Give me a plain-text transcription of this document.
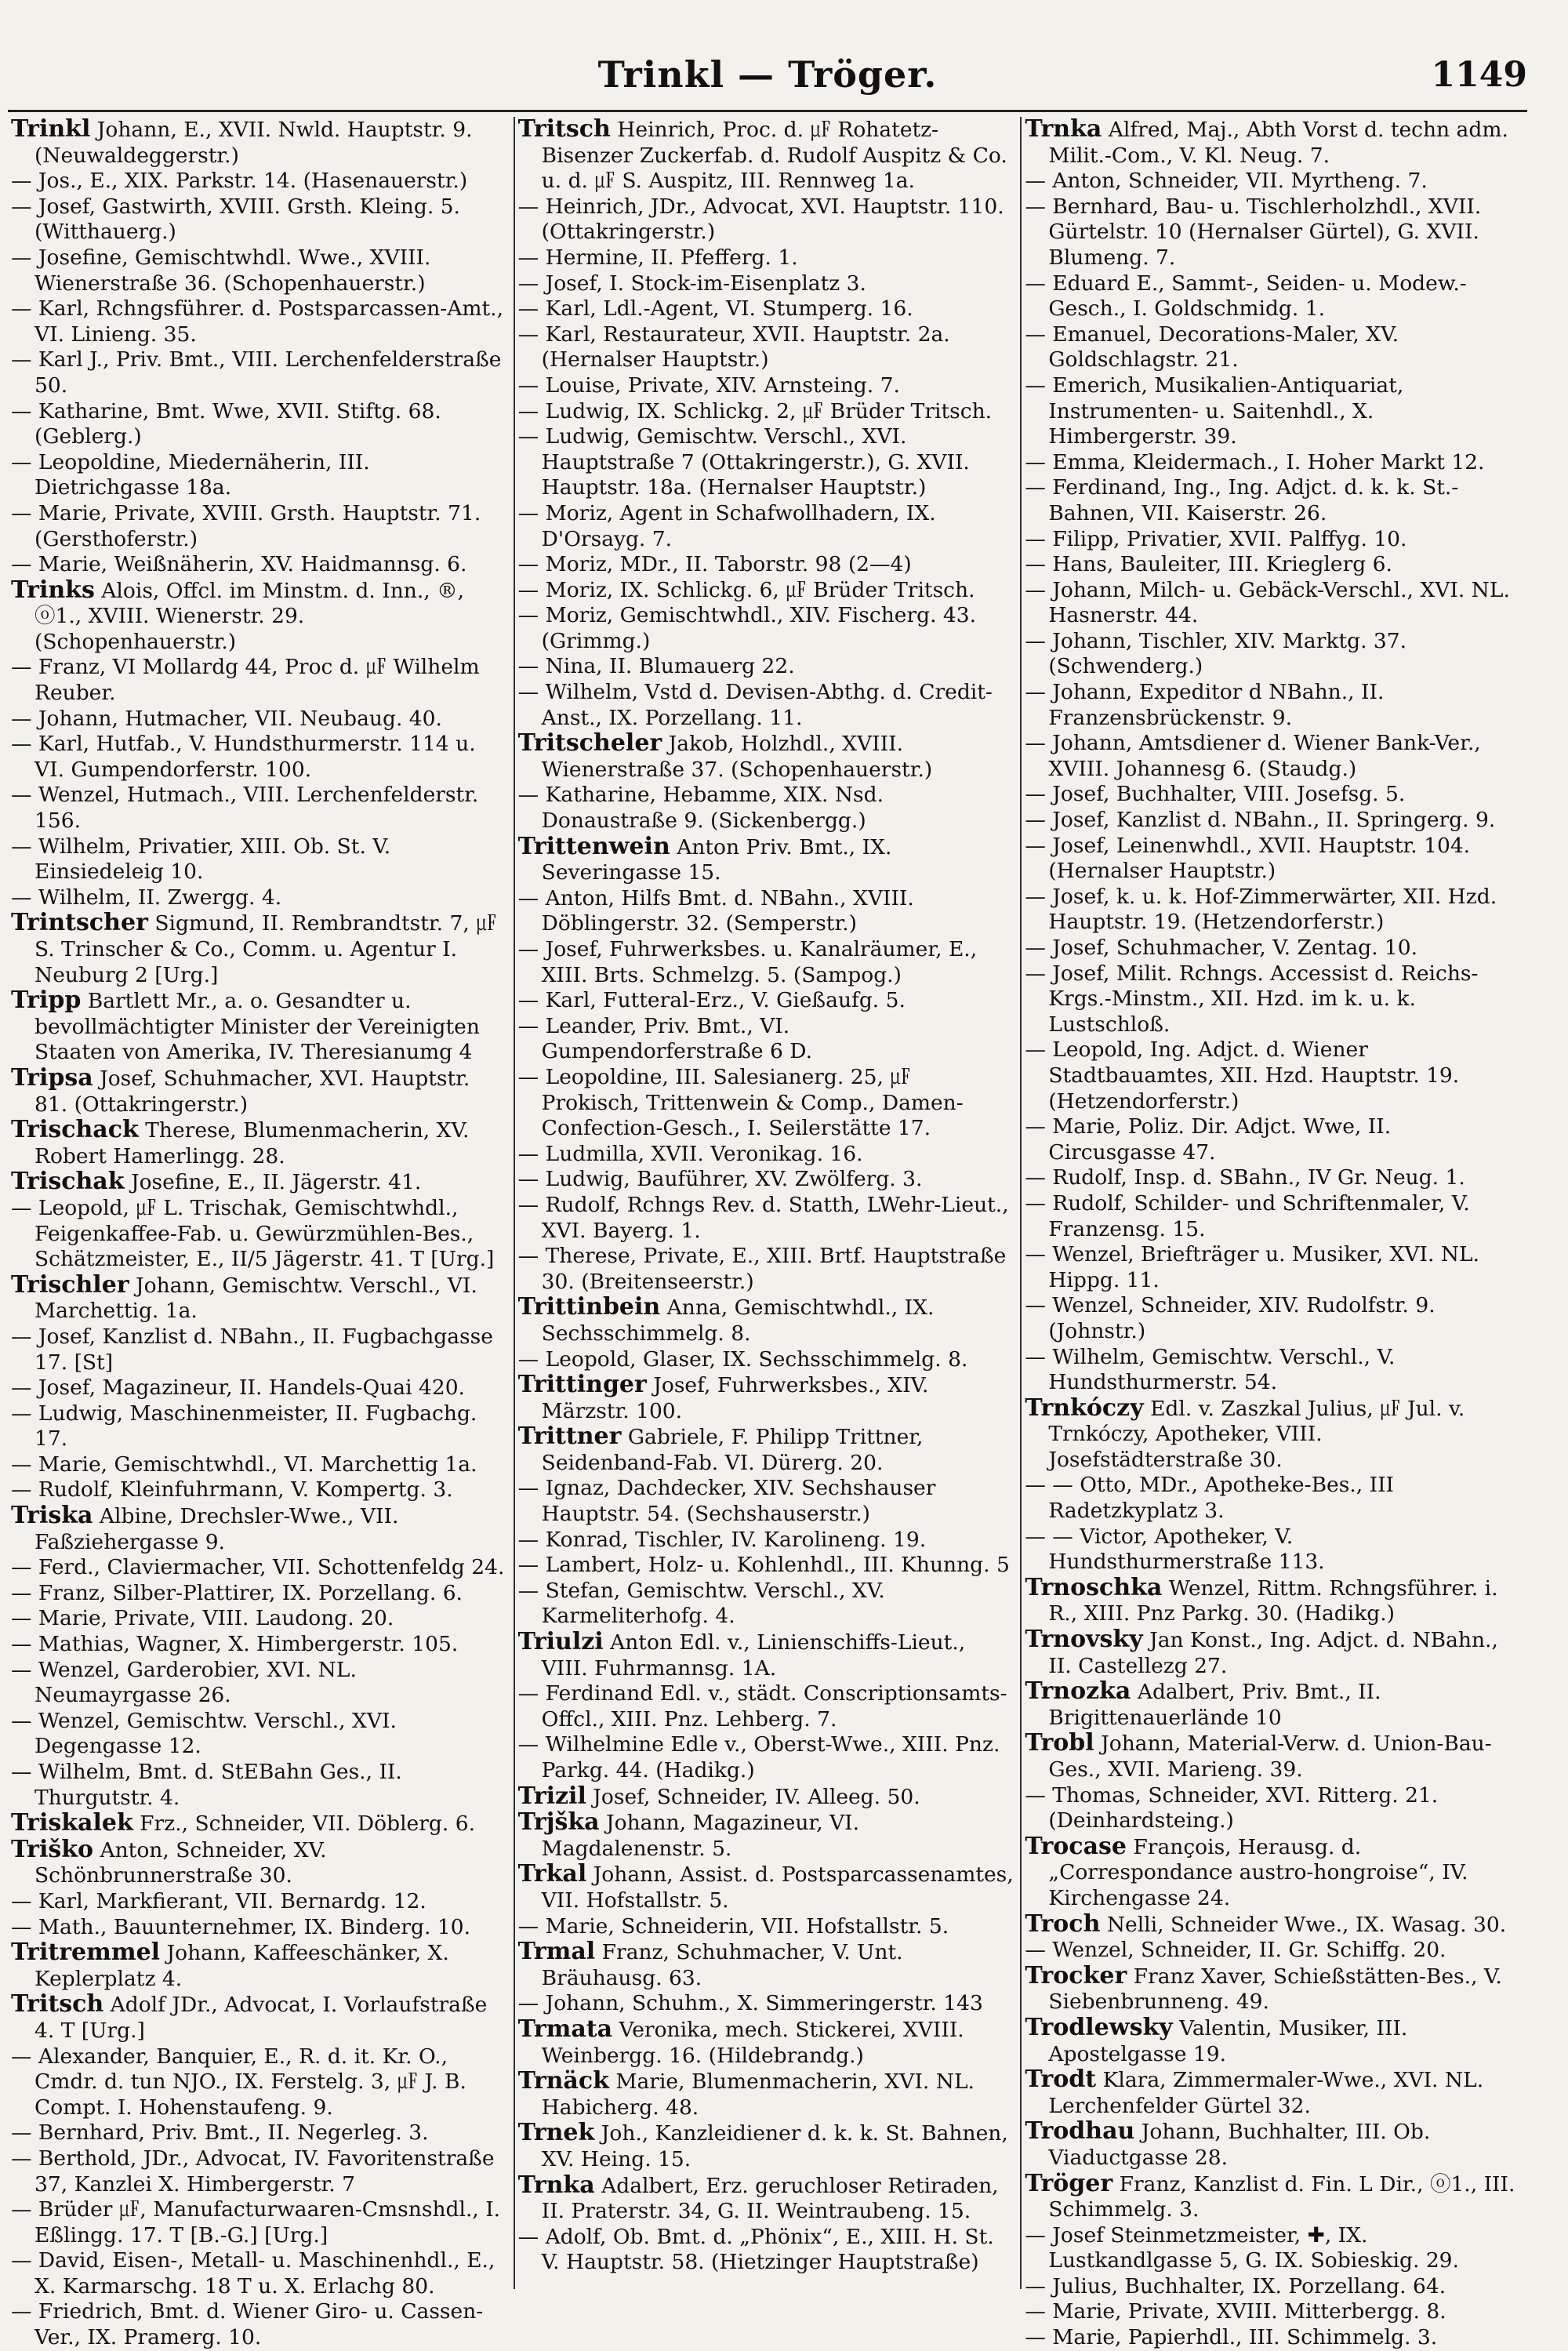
Trinkl — Tröger.	1149
Trinkl Johann, E., XVII. Nwld. Hauptstr. 9. (Neuwaldeggerstr.)
— Jos., E., XIX. Parkstr. 14. (Hasenauerstr.)
— Josef, Gastwirth, XVIII. Grsth. Kleing. 5. (Witthauerg.)
— Josefine, Gemischtwhdl. Wwe., XVIII. Wienerstraße 36. (Schopenhauerstr.)
— Karl, Rchngsführer. d. Postsparcassen-Amt., VI. Linieng. 35.
— Karl J., Priv. Bmt., VIII. Lerchenfelderstraße 50.
— Katharine, Bmt. Wwe, XVII. Stiftg. 68. (Geblerg.)
— Leopoldine, Miedernäherin, III. Dietrichgasse 18a.
— Marie, Private, XVIII. Grsth. Hauptstr. 71. (Gersthoferstr.)
— Marie, Weißnäherin, XV. Haidmannsg. 6.
Trinks Alois, Offcl. im Minstm. d. Inn., ®, ⓞ1., XVIII. Wienerstr. 29. (Schopenhauerstr.)
— Franz, VI Mollardg 44, Proc d. ㎌ Wilhelm Reuber.
— Johann, Hutmacher, VII. Neubaug. 40.
— Karl, Hutfab., V. Hundsthurmerstr. 114 u. VI. Gumpendorferstr. 100.
— Wenzel, Hutmach., VIII. Lerchenfelderstr. 156.
— Wilhelm, Privatier, XIII. Ob. St. V. Einsiedeleig 10.
— Wilhelm, II. Zwergg. 4.
Trintscher Sigmund, II. Rembrandtstr. 7, ㎌ S. Trinscher & Co., Comm. u. Agentur I. Neuburg 2 [Urg.]
Tripp Bartlett Mr., a. o. Gesandter u. bevollmächtigter Minister der Vereinigten Staaten von Amerika, IV. Theresianumg 4
Tripsa Josef, Schuhmacher, XVI. Hauptstr. 81. (Ottakringerstr.)
Trischack Therese, Blumenmacherin, XV. Robert Hamerlingg. 28.
Trischak Josefine, E., II. Jägerstr. 41.
— Leopold, ㎌ L. Trischak, Gemischtwhdl., Feigenkaffee-Fab. u. Gewürzmühlen-Bes., Schätzmeister, E., II/5 Jägerstr. 41. T [Urg.]
Trischler Johann, Gemischtw. Verschl., VI. Marchettig. 1a.
— Josef, Kanzlist d. NBahn., II. Fugbachgasse 17. [St]
— Josef, Magazineur, II. Handels-Quai 420.
— Ludwig, Maschinenmeister, II. Fugbachg. 17.
— Marie, Gemischtwhdl., VI. Marchettig 1a.
— Rudolf, Kleinfuhrmann, V. Kompertg. 3.
Triska Albine, Drechsler-Wwe., VII. Faßziehergasse 9.
— Ferd., Claviermacher, VII. Schottenfeldg 24.
— Franz, Silber-Plattirer, IX. Porzellang. 6.
— Marie, Private, VIII. Laudong. 20.
— Mathias, Wagner, X. Himbergerstr. 105.
— Wenzel, Garderobier, XVI. NL. Neumayrgasse 26.
— Wenzel, Gemischtw. Verschl., XVI. Degengasse 12.
— Wilhelm, Bmt. d. StEBahn Ges., II. Thurgutstr. 4.
Triskalek Frz., Schneider, VII. Döblerg. 6.
Triško Anton, Schneider, XV. Schönbrunnerstraße 30.
— Karl, Markfierant, VII. Bernardg. 12.
— Math., Bauunternehmer, IX. Binderg. 10.
Tritremmel Johann, Kaffeeschänker, X. Keplerplatz 4.
Tritsch Adolf JDr., Advocat, I. Vorlaufstraße 4. T [Urg.]
— Alexander, Banquier, E., R. d. it. Kr. O., Cmdr. d. tun NJO., IX. Ferstelg. 3, ㎌ J. B. Compt. I. Hohenstaufeng. 9.
— Bernhard, Priv. Bmt., II. Negerleg. 3.
— Berthold, JDr., Advocat, IV. Favoritenstraße 37, Kanzlei X. Himbergerstr. 7
— Brüder ㎌, Manufacturwaaren-Cmsnshdl., I. Eßlingg. 17. T [B.-G.] [Urg.]
— David, Eisen-, Metall- u. Maschinenhdl., E., X. Karmarschg. 18 T u. X. Erlachg 80.
— Friedrich, Bmt. d. Wiener Giro- u. Cassen-Ver., IX. Pramerg. 10.
Tritsch Heinrich, Proc. d. ㎌ Rohatetz-Bisenzer Zuckerfab. d. Rudolf Auspitz & Co. u. d. ㎌ S. Auspitz, III. Rennweg 1a.
— Heinrich, JDr., Advocat, XVI. Hauptstr. 110. (Ottakringerstr.)
— Hermine, II. Pfefferg. 1.
— Josef, I. Stock-im-Eisenplatz 3.
— Karl, Ldl.-Agent, VI. Stumperg. 16.
— Karl, Restaurateur, XVII. Hauptstr. 2a. (Hernalser Hauptstr.)
— Louise, Private, XIV. Arnsteing. 7.
— Ludwig, IX. Schlickg. 2, ㎌ Brüder Tritsch.
— Ludwig, Gemischtw. Verschl., XVI. Hauptstraße 7 (Ottakringerstr.), G. XVII. Hauptstr. 18a. (Hernalser Hauptstr.)
— Moriz, Agent in Schafwollhadern, IX. D'Orsayg. 7.
— Moriz, MDr., II. Taborstr. 98 (2—4)
— Moriz, IX. Schlickg. 6, ㎌ Brüder Tritsch.
— Moriz, Gemischtwhdl., XIV. Fischerg. 43. (Grimmg.)
— Nina, II. Blumauerg 22.
— Wilhelm, Vstd d. Devisen-Abthg. d. Credit-Anst., IX. Porzellang. 11.
Tritscheler Jakob, Holzhdl., XVIII. Wienerstraße 37. (Schopenhauerstr.)
— Katharine, Hebamme, XIX. Nsd. Donaustraße 9. (Sickenbergg.)
Trittenwein Anton Priv. Bmt., IX. Severingasse 15.
— Anton, Hilfs Bmt. d. NBahn., XVIII. Döblingerstr. 32. (Semperstr.)
— Josef, Fuhrwerksbes. u. Kanalräumer, E., XIII. Brts. Schmelzg. 5. (Sampog.)
— Karl, Futteral-Erz., V. Gießaufg. 5.
— Leander, Priv. Bmt., VI. Gumpendorferstraße 6 D.
— Leopoldine, III. Salesianerg. 25, ㎌ Prokisch, Trittenwein & Comp., Damen-Confection-Gesch., I. Seilerstätte 17.
— Ludmilla, XVII. Veronikag. 16.
— Ludwig, Bauführer, XV. Zwölferg. 3.
— Rudolf, Rchngs Rev. d. Statth, LWehr-Lieut., XVI. Bayerg. 1.
— Therese, Private, E., XIII. Brtf. Hauptstraße 30. (Breitenseerstr.)
Trittinbein Anna, Gemischtwhdl., IX. Sechsschimmelg. 8.
— Leopold, Glaser, IX. Sechsschimmelg. 8.
Trittinger Josef, Fuhrwerksbes., XIV. Märzstr. 100.
Trittner Gabriele, F. Philipp Trittner, Seidenband-Fab. VI. Dürerg. 20.
— Ignaz, Dachdecker, XIV. Sechshauser Hauptstr. 54. (Sechshauserstr.)
— Konrad, Tischler, IV. Karolineng. 19.
— Lambert, Holz- u. Kohlenhdl., III. Khunng. 5
— Stefan, Gemischtw. Verschl., XV. Karmeliterhofg. 4.
Triulzi Anton Edl. v., Linienschiffs-Lieut., VIII. Fuhrmannsg. 1A.
— Ferdinand Edl. v., städt. Conscriptionsamts-Offcl., XIII. Pnz. Lehberg. 7.
— Wilhelmine Edle v., Oberst-Wwe., XIII. Pnz. Parkg. 44. (Hadikg.)
Trizil Josef, Schneider, IV. Alleeg. 50.
Trjška Johann, Magazineur, VI. Magdalenenstr. 5.
Trkal Johann, Assist. d. Postsparcassenamtes, VII. Hofstallstr. 5.
— Marie, Schneiderin, VII. Hofstallstr. 5.
Trmal Franz, Schuhmacher, V. Unt. Bräuhausg. 63.
— Johann, Schuhm., X. Simmeringerstr. 143
Trmata Veronika, mech. Stickerei, XVIII. Weinbergg. 16. (Hildebrandg.)
Trnäck Marie, Blumenmacherin, XVI. NL. Habicherg. 48.
Trnek Joh., Kanzleidiener d. k. k. St. Bahnen, XV. Heing. 15.
Trnka Adalbert, Erz. geruchloser Retiraden, II. Praterstr. 34, G. II. Weintraubeng. 15.
— Adolf, Ob. Bmt. d. „Phönix“, E., XIII. H. St. V. Hauptstr. 58. (Hietzinger Hauptstraße)
Trnka Alfred, Maj., Abth Vorst d. techn adm. Milit.-Com., V. Kl. Neug. 7.
— Anton, Schneider, VII. Myrtheng. 7.
— Bernhard, Bau- u. Tischlerholzhdl., XVII. Gürtelstr. 10 (Hernalser Gürtel), G. XVII. Blumeng. 7.
— Eduard E., Sammt-, Seiden- u. Modew.-Gesch., I. Goldschmidg. 1.
— Emanuel, Decorations-Maler, XV. Goldschlagstr. 21.
— Emerich, Musikalien-Antiquariat, Instrumenten- u. Saitenhdl., X. Himbergerstr. 39.
— Emma, Kleidermach., I. Hoher Markt 12.
— Ferdinand, Ing., Ing. Adjct. d. k. k. St.-Bahnen, VII. Kaiserstr. 26.
— Filipp, Privatier, XVII. Palffyg. 10.
— Hans, Bauleiter, III. Krieglerg 6.
— Johann, Milch- u. Gebäck-Verschl., XVI. NL. Hasnerstr. 44.
— Johann, Tischler, XIV. Marktg. 37. (Schwenderg.)
— Johann, Expeditor d NBahn., II. Franzensbrückenstr. 9.
— Johann, Amtsdiener d. Wiener Bank-Ver., XVIII. Johannesg 6. (Staudg.)
— Josef, Buchhalter, VIII. Josefsg. 5.
— Josef, Kanzlist d. NBahn., II. Springerg. 9.
— Josef, Leinenwhdl., XVII. Hauptstr. 104. (Hernalser Hauptstr.)
— Josef, k. u. k. Hof-Zimmerwärter, XII. Hzd. Hauptstr. 19. (Hetzendorferstr.)
— Josef, Schuhmacher, V. Zentag. 10.
— Josef, Milit. Rchngs. Accessist d. Reichs-Krgs.-Minstm., XII. Hzd. im k. u. k. Lustschloß.
— Leopold, Ing. Adjct. d. Wiener Stadtbauamtes, XII. Hzd. Hauptstr. 19. (Hetzendorferstr.)
— Marie, Poliz. Dir. Adjct. Wwe, II. Circusgasse 47.
— Rudolf, Insp. d. SBahn., IV Gr. Neug. 1.
— Rudolf, Schilder- und Schriftenmaler, V. Franzensg. 15.
— Wenzel, Briefträger u. Musiker, XVI. NL. Hippg. 11.
— Wenzel, Schneider, XIV. Rudolfstr. 9. (Johnstr.)
— Wilhelm, Gemischtw. Verschl., V. Hundsthurmerstr. 54.
Trnkóczy Edl. v. Zaszkal Julius, ㎌ Jul. v. Trnkóczy, Apotheker, VIII. Josefstädterstraße 30.
— — Otto, MDr., Apotheke-Bes., III Radetzkyplatz 3.
— — Victor, Apotheker, V. Hundsthurmerstraße 113.
Trnoschka Wenzel, Rittm. Rchngsführer. i. R., XIII. Pnz Parkg. 30. (Hadikg.)
Trnovsky Jan Konst., Ing. Adjct. d. NBahn., II. Castellezg 27.
Trnozka Adalbert, Priv. Bmt., II. Brigittenauerlände 10
Trobl Johann, Material-Verw. d. Union-Bau-Ges., XVII. Marieng. 39.
— Thomas, Schneider, XVI. Ritterg. 21. (Deinhardsteing.)
Trocase François, Herausg. d. „Correspondance austro-hongroise“, IV. Kirchengasse 24.
Troch Nelli, Schneider Wwe., IX. Wasag. 30.
— Wenzel, Schneider, II. Gr. Schiffg. 20.
Trocker Franz Xaver, Schießstätten-Bes., V. Siebenbrunneng. 49.
Trodlewsky Valentin, Musiker, III. Apostelgasse 19.
Trodt Klara, Zimmermaler-Wwe., XVI. NL. Lerchenfelder Gürtel 32.
Trodhau Johann, Buchhalter, III. Ob. Viaductgasse 28.
Tröger Franz, Kanzlist d. Fin. L Dir., ⓞ1., III. Schimmelg. 3.
— Josef Steinmetzmeister, ✚, IX. Lustkandlgasse 5, G. IX. Sobieskig. 29.
— Julius, Buchhalter, IX. Porzellang. 64.
— Marie, Private, XVIII. Mitterbergg. 8.
— Marie, Papierhdl., III. Schimmelg. 3.
